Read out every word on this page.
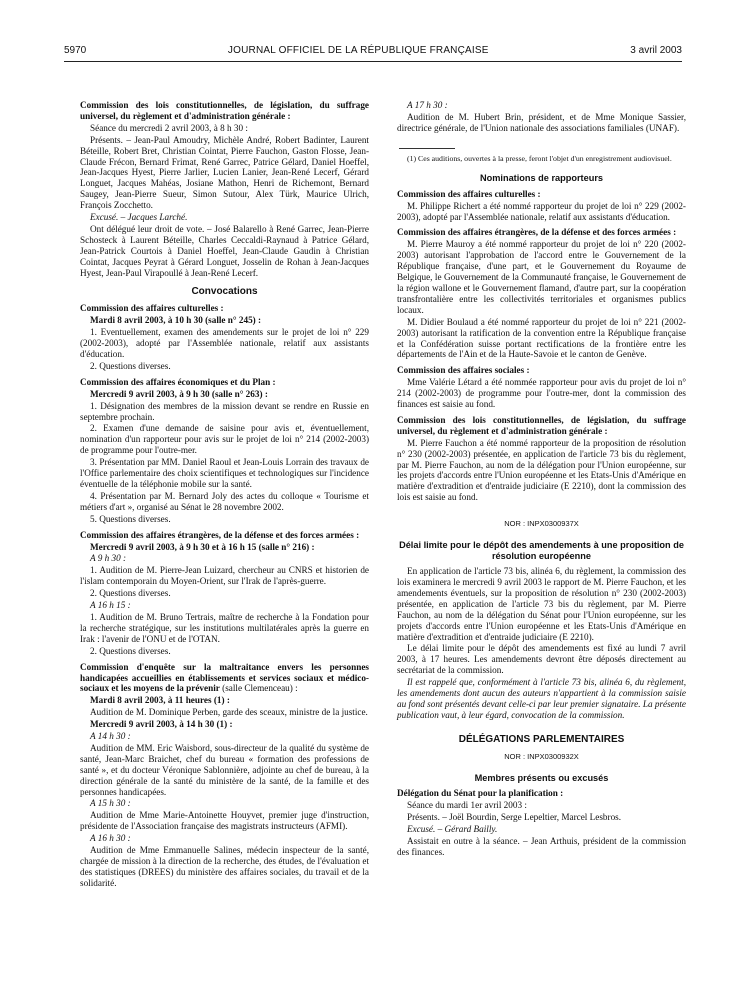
5970	JOURNAL OFFICIEL DE LA RÉPUBLIQUE FRANÇAISE	3 avril 2003

Commission des lois constitutionnelles, de législation, du suffrage universel, du règlement et d'administration générale :

Séance du mercredi 2 avril 2003, à 8 h 30 :

Présents. – Jean-Paul Amoudry, Michèle André, Robert Badinter, Laurent Béteille, Robert Bret, Christian Cointat, Pierre Fauchon, Gaston Flosse, Jean-Claude Frécon, Bernard Frimat, René Garrec, Patrice Gélard, Daniel Hoeffel, Jean-Jacques Hyest, Pierre Jarlier, Lucien Lanier, Jean-René Lecerf, Gérard Longuet, Jacques Mahéas, Josiane Mathon, Henri de Richemont, Bernard Saugey, Jean-Pierre Sueur, Simon Sutour, Alex Türk, Maurice Ulrich, François Zocchetto.

Excusé. – Jacques Larché.

Ont délégué leur droit de vote. – José Balarello à René Garrec, Jean-Pierre Schosteck à Laurent Béteille, Charles Ceccaldi-Raynaud à Patrice Gélard, Jean-Patrick Courtois à Daniel Hoeffel, Jean-Claude Gaudin à Christian Cointat, Jacques Peyrat à Gérard Longuet, Josselin de Rohan à Jean-Jacques Hyest, Jean-Paul Virapoullé à Jean-René Lecerf.

Convocations

Commission des affaires culturelles :

Mardi 8 avril 2003, à 10 h 30 (salle n° 245) :

1. Eventuellement, examen des amendements sur le projet de loi n° 229 (2002-2003), adopté par l'Assemblée nationale, relatif aux assistants d'éducation.

2. Questions diverses.

Commission des affaires économiques et du Plan :

Mercredi 9 avril 2003, à 9 h 30 (salle n° 263) :

1. Désignation des membres de la mission devant se rendre en Russie en septembre prochain.

2. Examen d'une demande de saisine pour avis et, éventuellement, nomination d'un rapporteur pour avis sur le projet de loi n° 214 (2002-2003) de programme pour l'outre-mer.

3. Présentation par MM. Daniel Raoul et Jean-Louis Lorrain des travaux de l'Office parlementaire des choix scientifiques et technologiques sur l'incidence éventuelle de la téléphonie mobile sur la santé.

4. Présentation par M. Bernard Joly des actes du colloque « Tourisme et métiers d'art », organisé au Sénat le 28 novembre 2002.

5. Questions diverses.

Commission des affaires étrangères, de la défense et des forces armées :

Mercredi 9 avril 2003, à 9 h 30 et à 16 h 15 (salle n° 216) :

A 9 h 30 :

1. Audition de M. Pierre-Jean Luizard, chercheur au CNRS et historien de l'islam contemporain du Moyen-Orient, sur l'Irak de l'après-guerre.

2. Questions diverses.

A 16 h 15 :

1. Audition de M. Bruno Tertrais, maître de recherche à la Fondation pour la recherche stratégique, sur les institutions multilatérales après la guerre en Irak : l'avenir de l'ONU et de l'OTAN.

2. Questions diverses.

Commission d'enquête sur la maltraitance envers les personnes handicapées accueillies en établissements et services sociaux et médico-sociaux et les moyens de la prévenir (salle Clemenceau) :

Mardi 8 avril 2003, à 11 heures (1) :

Audition de M. Dominique Perben, garde des sceaux, ministre de la justice.

Mercredi 9 avril 2003, à 14 h 30 (1) :

A 14 h 30 :

Audition de MM. Eric Waisbord, sous-directeur de la qualité du système de santé, Jean-Marc Braichet, chef du bureau « formation des professions de santé », et du docteur Véronique Sablonnière, adjointe au chef de bureau, à la direction générale de la santé du ministère de la santé, de la famille et des personnes handicapées.

A 15 h 30 :

Audition de Mme Marie-Antoinette Houyvet, premier juge d'instruction, présidente de l'Association française des magistrats instructeurs (AFMI).

A 16 h 30 :

Audition de Mme Emmanuelle Salines, médecin inspecteur de la santé, chargée de mission à la direction de la recherche, des études, de l'évaluation et des statistiques (DREES) du ministère des affaires sociales, du travail et de la solidarité.

A 17 h 30 :

Audition de M. Hubert Brin, président, et de Mme Monique Sassier, directrice générale, de l'Union nationale des associations familiales (UNAF).

(1) Ces auditions, ouvertes à la presse, feront l'objet d'un enregistrement audiovisuel.

Nominations de rapporteurs

Commission des affaires culturelles :

M. Philippe Richert a été nommé rapporteur du projet de loi n° 229 (2002-2003), adopté par l'Assemblée nationale, relatif aux assistants d'éducation.

Commission des affaires étrangères, de la défense et des forces armées :

M. Pierre Mauroy a été nommé rapporteur du projet de loi n° 220 (2002-2003) autorisant l'approbation de l'accord entre le Gouvernement de la République française, d'une part, et le Gouvernement du Royaume de Belgique, le Gouvernement de la Communauté française, le Gouvernement de la région wallone et le Gouvernement flamand, d'autre part, sur la coopération transfrontalière entre les collectivités territoriales et organismes publics locaux.

M. Didier Boulaud a été nommé rapporteur du projet de loi n° 221 (2002-2003) autorisant la ratification de la convention entre la République française et la Confédération suisse portant rectifications de la frontière entre les départements de l'Ain et de la Haute-Savoie et le canton de Genève.

Commission des affaires sociales :

Mme Valérie Létard a été nommée rapporteur pour avis du projet de loi n° 214 (2002-2003) de programme pour l'outre-mer, dont la commission des finances est saisie au fond.

Commission des lois constitutionnelles, de législation, du suffrage universel, du règlement et d'administration générale :

M. Pierre Fauchon a été nommé rapporteur de la proposition de résolution n° 230 (2002-2003) présentée, en application de l'article 73 bis du règlement, par M. Pierre Fauchon, au nom de la délégation pour l'Union européenne, sur les projets d'accords entre l'Union européenne et les Etats-Unis d'Amérique en matière d'extradition et d'entraide judiciaire (E 2210), dont la commission des lois est saisie au fond.

NOR : INPX0300937X
Délai limite pour le dépôt des amendements à une proposition de résolution européenne

En application de l'article 73 bis, alinéa 6, du règlement, la commission des lois examinera le mercredi 9 avril 2003 le rapport de M. Pierre Fauchon, et les amendements éventuels, sur la proposition de résolution n° 230 (2002-2003) présentée, en application de l'article 73 bis du règlement, par M. Pierre Fauchon, au nom de la délégation du Sénat pour l'Union européenne, sur les projets d'accords entre l'Union européenne et les Etats-Unis d'Amérique en matière d'extradition et d'entraide judiciaire (E 2210).

Le délai limite pour le dépôt des amendements est fixé au lundi 7 avril 2003, à 17 heures. Les amendements devront être déposés directement au secrétariat de la commission.

Il est rappelé que, conformément à l'article 73 bis, alinéa 6, du règlement, les amendements dont aucun des auteurs n'appartient à la commission saisie au fond sont présentés devant celle-ci par leur premier signataire. La présente publication vaut, à leur égard, convocation de la commission.

DÉLÉGATIONS PARLEMENTAIRES
NOR : INPX0300932X
Membres présents ou excusés

Délégation du Sénat pour la planification :

Séance du mardi 1er avril 2003 :

Présents. – Joël Bourdin, Serge Lepeltier, Marcel Lesbros.

Excusé. – Gérard Bailly.

Assistait en outre à la séance. – Jean Arthuis, président de la commission des finances.
